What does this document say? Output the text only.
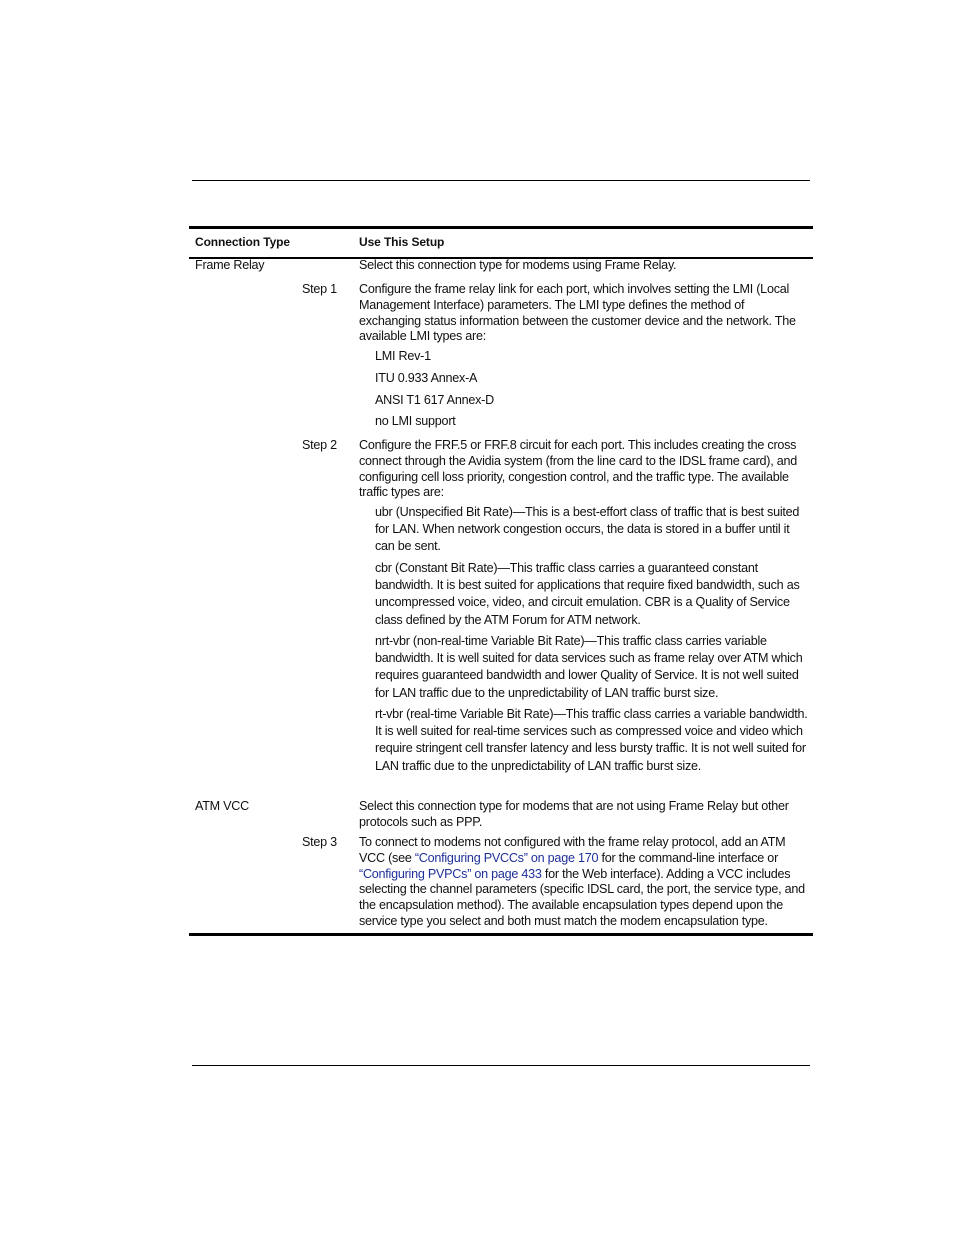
Connection Type	Use This Setup
Frame Relay	Select this connection type for modems using Frame Relay.
Step 1 Configure the frame relay link for each port, which involves setting the LMI (Local Management Interface) parameters. The LMI type defines the method of exchanging status information between the customer device and the network. The available LMI types are:
LMI Rev-1
ITU 0.933 Annex-A
ANSI T1 617 Annex-D
no LMI support
Step 2 Configure the FRF.5 or FRF.8 circuit for each port. This includes creating the cross connect through the Avidia system (from the line card to the IDSL frame card), and configuring cell loss priority, congestion control, and the traffic type. The available traffic types are:
ubr (Unspecified Bit Rate)—This is a best-effort class of traffic that is best suited for LAN. When network congestion occurs, the data is stored in a buffer until it can be sent.
cbr (Constant Bit Rate)—This traffic class carries a guaranteed constant bandwidth. It is best suited for applications that require fixed bandwidth, such as uncompressed voice, video, and circuit emulation. CBR is a Quality of Service class defined by the ATM Forum for ATM network.
nrt-vbr (non-real-time Variable Bit Rate)—This traffic class carries variable bandwidth. It is well suited for data services such as frame relay over ATM which requires guaranteed bandwidth and lower Quality of Service. It is not well suited for LAN traffic due to the unpredictability of LAN traffic burst size.
rt-vbr (real-time Variable Bit Rate)—This traffic class carries a variable bandwidth. It is well suited for real-time services such as compressed voice and video which require stringent cell transfer latency and less bursty traffic. It is not well suited for LAN traffic due to the unpredictability of LAN traffic burst size.
ATM VCC	Select this connection type for modems that are not using Frame Relay but other protocols such as PPP.
Step 3 To connect to modems not configured with the frame relay protocol, add an ATM VCC (see “Configuring PVCCs” on page 170 for the command-line interface or “Configuring PVPCs” on page 433 for the Web interface). Adding a VCC includes selecting the channel parameters (specific IDSL card, the port, the service type, and the encapsulation method). The available encapsulation types depend upon the service type you select and both must match the modem encapsulation type.
